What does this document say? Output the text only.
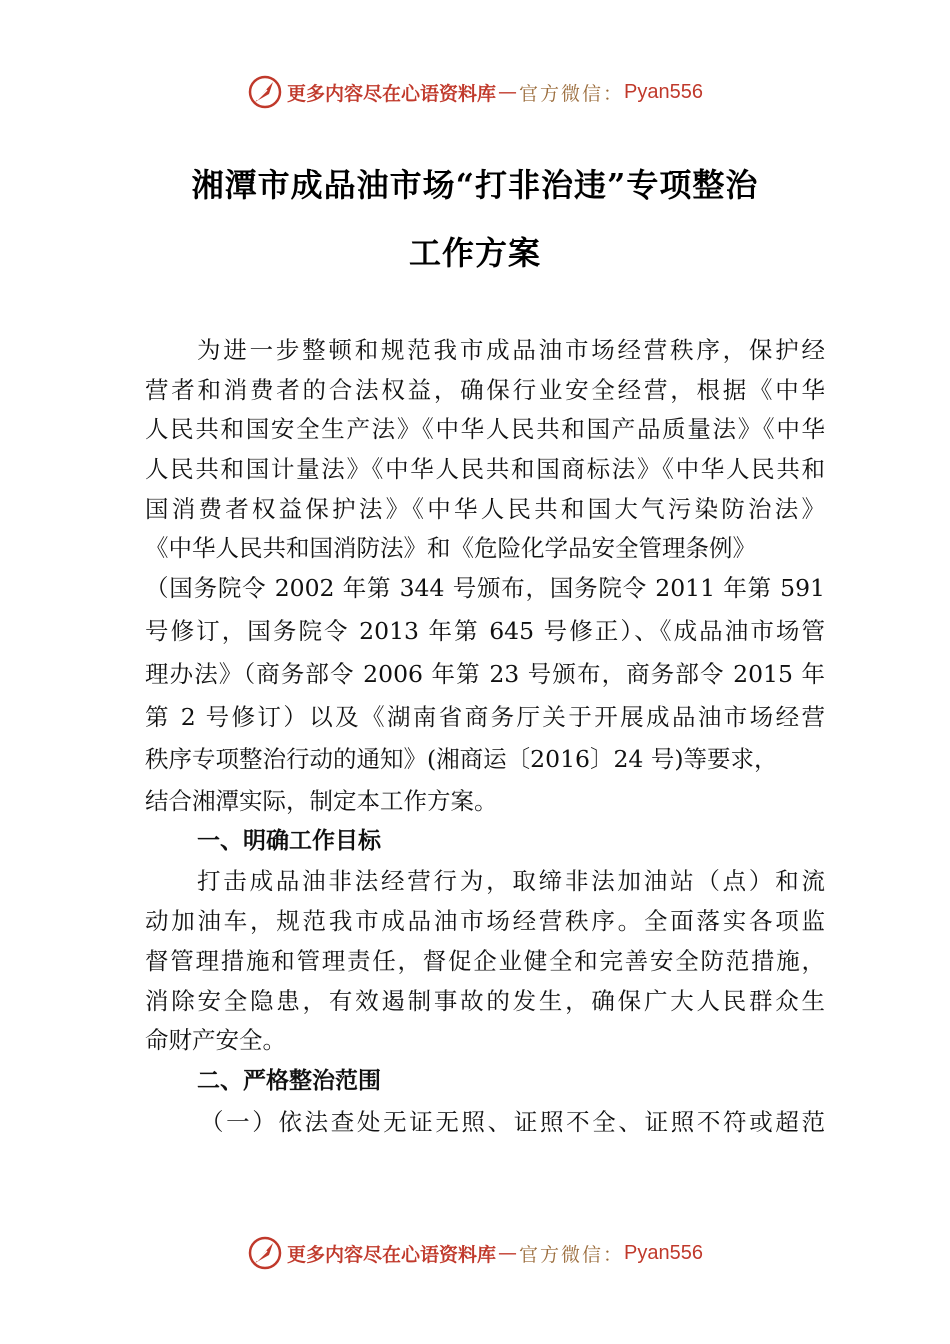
更多内容尽在心语资料库 — 官方微信： Pyan556
湘潭市成品油市场“打非治违”专项整治
工作方案
为进一步整顿和规范我市成品油市场经营秩序，保护经
营者和消费者的合法权益，确保行业安全经营，根据《中华
人民共和国安全生产法》《中华人民共和国产品质量法》《中华
人民共和国计量法》《中华人民共和国商标法》《中华人民共和
国消费者权益保护法》《中华人民共和国大气污染防治法》
《中华人民共和国消防法》和《危险化学品安全管理条例》
（国务院令 2002 年第 344 号颁布，国务院令 2011 年第 591
号修订，国务院令 2013 年第 645 号修正）、《成品油市场管
理办法》（商务部令 2006 年第 23 号颁布，商务部令 2015 年
第 2 号修订）以及《湖南省商务厅关于开展成品油市场经营
秩序专项整治行动的通知》(湘商运〔2016〕24 号)等要求，
结合湘潭实际，制定本工作方案。
一、明确工作目标
打击成品油非法经营行为，取缔非法加油站（点）和流
动加油车，规范我市成品油市场经营秩序。全面落实各项监
督管理措施和管理责任，督促企业健全和完善安全防范措施，
消除安全隐患，有效遏制事故的发生，确保广大人民群众生
命财产安全。
二、严格整治范围
（一）依法查处无证无照、证照不全、证照不符或超范
更多内容尽在心语资料库 — 官方微信： Pyan556
